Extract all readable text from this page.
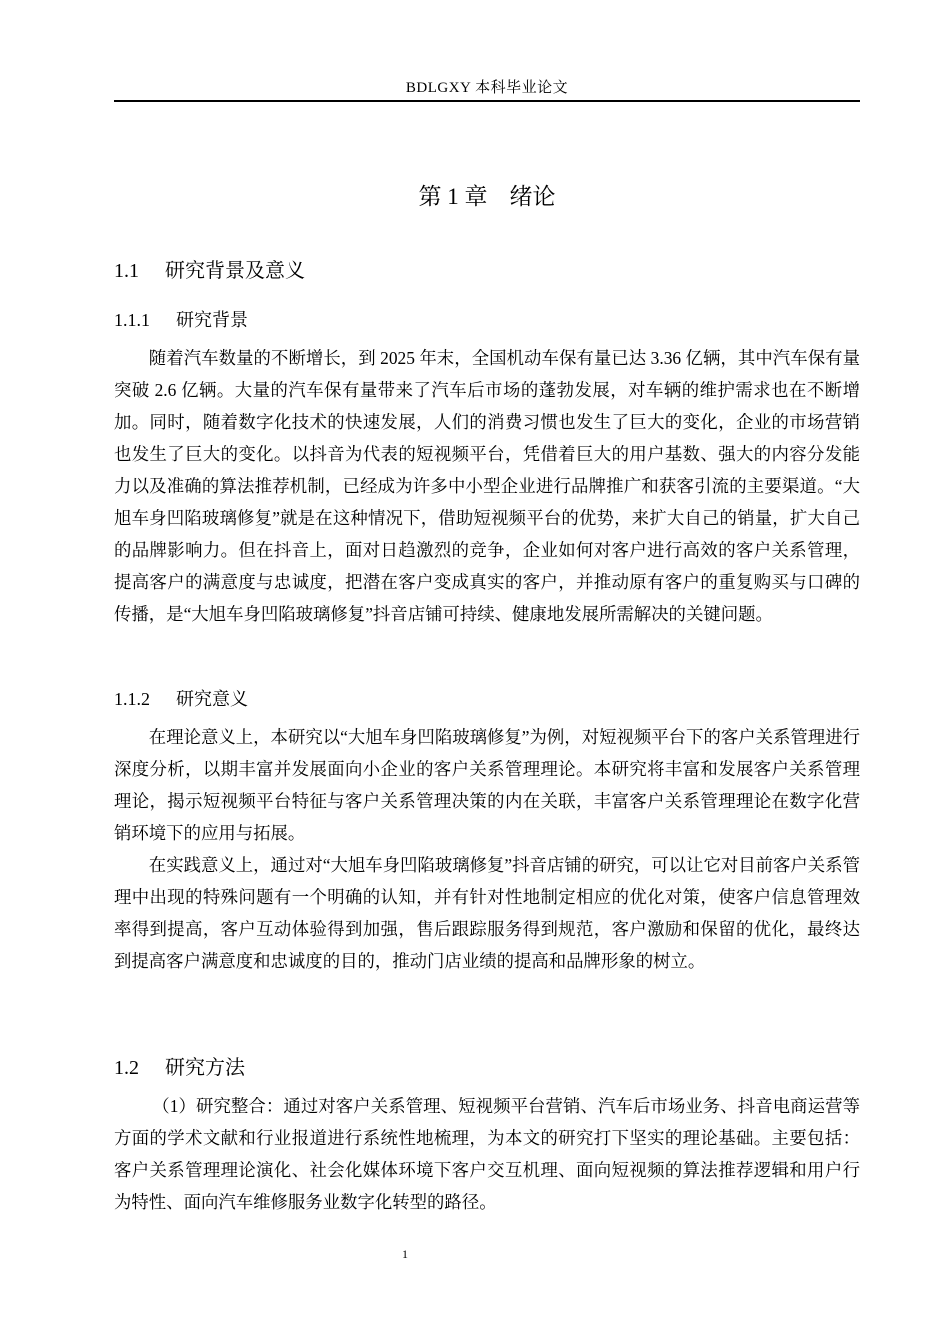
BDLGXY 本科毕业论文
第 1 章 绪论
1.1 研究背景及意义
1.1.1 研究背景

随着汽车数量的不断增长，到 2025 年末，全国机动车保有量已达 3.36 亿辆，其中汽车保有量突破 2.6 亿辆。大量的汽车保有量带来了汽车后市场的蓬勃发展，对车辆的维护需求也在不断增加。同时，随着数字化技术的快速发展，人们的消费习惯也发生了巨大的变化，企业的市场营销也发生了巨大的变化。以抖音为代表的短视频平台，凭借着巨大的用户基数、强大的内容分发能力以及准确的算法推荐机制，已经成为许多中小型企业进行品牌推广和获客引流的主要渠道。“大旭车身凹陷玻璃修复”就是在这种情况下，借助短视频平台的优势，来扩大自己的销量，扩大自己的品牌影响力。但在抖音上，面对日趋激烈的竞争，企业如何对客户进行高效的客户关系管理，提高客户的满意度与忠诚度，把潜在客户变成真实的客户，并推动原有客户的重复购买与口碑的传播，是“大旭车身凹陷玻璃修复”抖音店铺可持续、健康地发展所需解决的关键问题。

1.1.2 研究意义

在理论意义上，本研究以“大旭车身凹陷玻璃修复”为例，对短视频平台下的客户关系管理进行深度分析，以期丰富并发展面向小企业的客户关系管理理论。本研究将丰富和发展客户关系管理理论，揭示短视频平台特征与客户关系管理决策的内在关联，丰富客户关系管理理论在数字化营销环境下的应用与拓展。

在实践意义上，通过对“大旭车身凹陷玻璃修复”抖音店铺的研究，可以让它对目前客户关系管理中出现的特殊问题有一个明确的认知，并有针对性地制定相应的优化对策，使客户信息管理效率得到提高，客户互动体验得到加强，售后跟踪服务得到规范，客户激励和保留的优化，最终达到提高客户满意度和忠诚度的目的，推动门店业绩的提高和品牌形象的树立。

1.2 研究方法

（1）研究整合：通过对客户关系管理、短视频平台营销、汽车后市场业务、抖音电商运营等方面的学术文献和行业报道进行系统性地梳理，为本文的研究打下坚实的理论基础。主要包括：客户关系管理理论演化、社会化媒体环境下客户交互机理、面向短视频的算法推荐逻辑和用户行为特性、面向汽车维修服务业数字化转型的路径。

1
